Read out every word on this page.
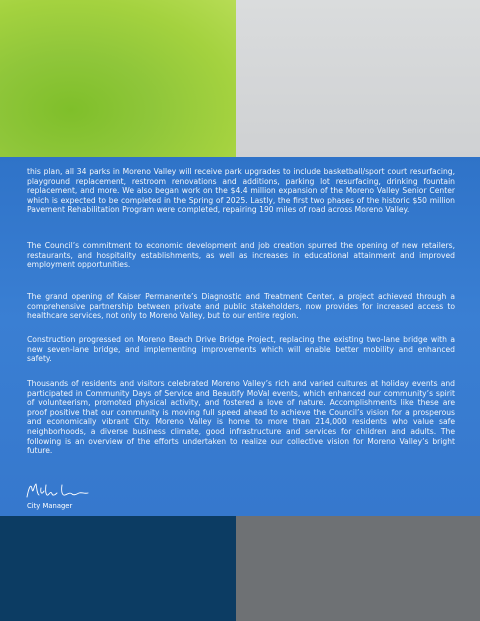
this plan, all 34 parks in Moreno Valley will receive park upgrades to include basketball/sport court resurfacing, playground replacement, restroom renovations and additions, parking lot resurfacing, drinking fountain replacement, and more. We also began work on the $4.4 million expansion of the Moreno Valley Senior Center which is expected to be completed in the Spring of 2025. Lastly, the first two phases of the historic $50 million Pavement Rehabilitation Program were completed, repairing 190 miles of road across Moreno Valley.

The Council’s commitment to economic development and job creation spurred the opening of new retailers, restaurants, and hospitality establishments, as well as increases in educational attainment and improved employment opportunities.

The grand opening of Kaiser Permanente’s Diagnostic and Treatment Center, a project achieved through a comprehensive partnership between private and public stakeholders, now provides for increased access to healthcare services, not only to Moreno Valley, but to our entire region.

Construction progressed on Moreno Beach Drive Bridge Project, replacing the existing two-lane bridge with a new seven-lane bridge, and implementing improvements which will enable better mobility and enhanced safety.

Thousands of residents and visitors celebrated Moreno Valley’s rich and varied cultures at holiday events and participated in Community Days of Service and Beautify MoVal events, which enhanced our community’s spirit of volunteerism, promoted physical activity, and fostered a love of nature. Accomplishments like these are proof positive that our community is moving full speed ahead to achieve the Council’s vision for a prosperous and economically vibrant City. Moreno Valley is home to more than 214,000 residents who value safe neighborhoods, a diverse business climate, good infrastructure and services for children and adults. The following is an overview of the efforts undertaken to realize our collective vision for Moreno Valley’s bright future.

City Manager
